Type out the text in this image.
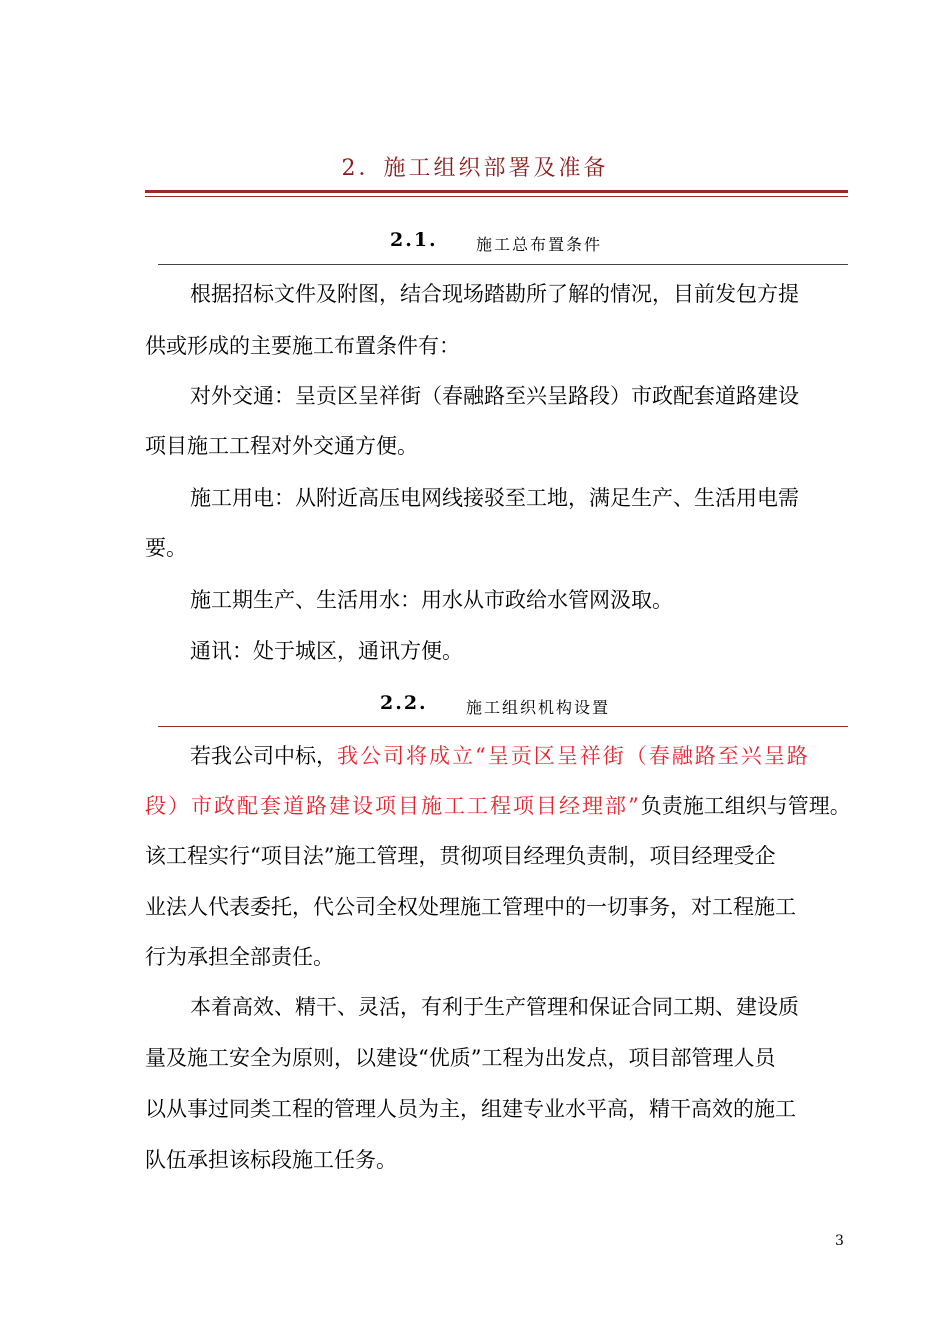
2．施工组织部署及准备
2.1. 施工总布置条件
根据招标文件及附图，结合现场踏勘所了解的情况，目前发包方提
供或形成的主要施工布置条件有：
对外交通：呈贡区呈祥街（春融路至兴呈路段）市政配套道路建设
项目施工工程对外交通方便。
施工用电：从附近高压电网线接驳至工地，满足生产、生活用电需
要。
施工期生产、生活用水：用水从市政给水管网汲取。
通讯：处于城区，通讯方便。
2.2. 施工组织机构设置
若我公司中标，我公司将成立“呈贡区呈祥街（春融路至兴呈路
段）市政配套道路建设项目施工工程项目经理部”负责施工组织与管理。
该工程实行“项目法”施工管理，贯彻项目经理负责制，项目经理受企
业法人代表委托，代公司全权处理施工管理中的一切事务，对工程施工
行为承担全部责任。
本着高效、精干、灵活，有利于生产管理和保证合同工期、建设质
量及施工安全为原则，以建设“优质”工程为出发点，项目部管理人员
以从事过同类工程的管理人员为主，组建专业水平高，精干高效的施工
队伍承担该标段施工任务。
3
